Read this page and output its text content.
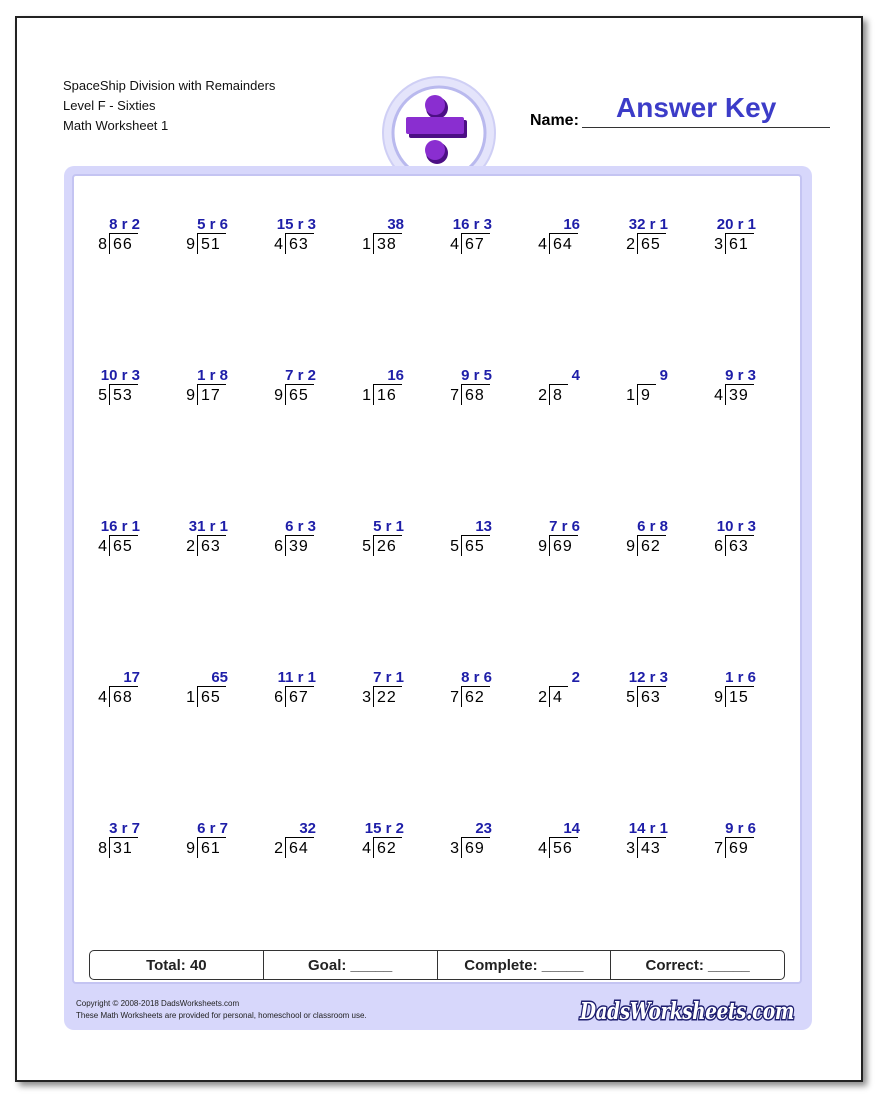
SpaceShip Division with Remainders
Level F - Sixties
Math Worksheet 1	Name: Answer Key
8 r 2
8 66
5 r 6
9 51
15 r 3
4 63
38
1 38
16 r 3
4 67
16
4 64
32 r 1
2 65
20 r 1
3 61
10 r 3
5 53
1 r 8
9 17
7 r 2
9 65
16
1 16
9 r 5
7 68
4
2 8
9
1 9
9 r 3
4 39
16 r 1
4 65
31 r 1
2 63
6 r 3
6 39
5 r 1
5 26
13
5 65
7 r 6
9 69
6 r 8
9 62
10 r 3
6 63
17
4 68
65
1 65
11 r 1
6 67
7 r 1
3 22
8 r 6
7 62
2
2 4
12 r 3
5 63
1 r 6
9 15
3 r 7
8 31
6 r 7
9 61
32
2 64
15 r 2
4 62
23
3 69
14
4 56
14 r 1
3 43
9 r 6
7 69
Total: 40	Goal: _____	Complete: _____	Correct: _____
Copyright © 2008-2018 DadsWorksheets.com
These Math Worksheets are provided for personal, homeschool or classroom use.	DadsWorksheets.com
